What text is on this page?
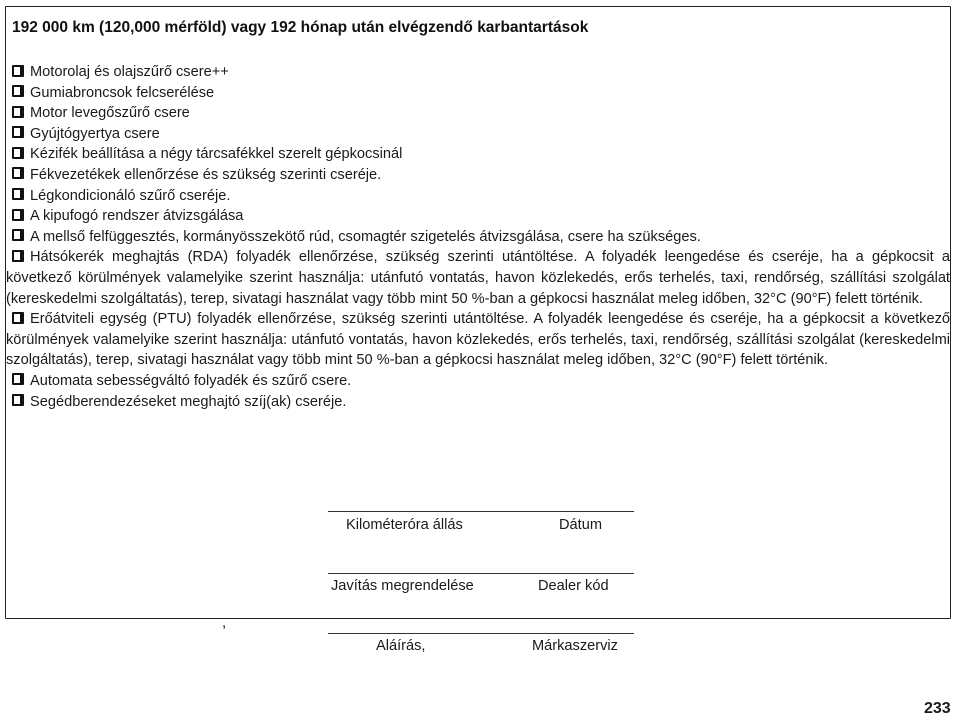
192 000 km (120,000 mérföld) vagy 192 hónap után elvégzendő karbantartások
Motorolaj és olajszűrő csere++
Gumiabroncsok felcserélése
Motor levegőszűrő csere
Gyújtógyertya csere
Kézifék beállítása a négy tárcsafékkel szerelt gépkocsinál
Fékvezetékek ellenőrzése és szükség szerinti cseréje.
Légkondicionáló szűrő cseréje.
A kipufogó rendszer átvizsgálása
A mellső felfüggesztés, kormányösszekötő rúd, csomagtér szigetelés átvizsgálása, csere ha szükséges.
Hátsókerék meghajtás (RDA) folyadék ellenőrzése, szükség szerinti utántöltése. A folyadék leengedése és cseréje, ha a gépkocsit a következő körülmények valamelyike szerint használja: utánfutó vontatás, havon közlekedés, erős terhelés, taxi, rendőrség, szállítási szolgálat (kereskedelmi szolgáltatás), terep, sivatagi használat vagy több mint 50 %-ban a gépkocsi használat meleg időben, 32°C (90°F) felett történik.
Erőátviteli egység (PTU) folyadék ellenőrzése, szükség szerinti utántöltése. A folyadék leengedése és cseréje, ha a gépkocsit a következő körülmények valamelyike szerint használja: utánfutó vontatás, havon közlekedés, erős terhelés, taxi, rendőrség, szállítási szolgálat (kereskedelmi szolgáltatás), terep, sivatagi használat vagy több mint 50 %-ban a gépkocsi használat meleg időben, 32°C (90°F) felett történik.
Automata sebességváltó folyadék és szűrő csere.
Segédberendezéseket meghajtó szíj(ak) cseréje.
Kilométeróra állás	Dátum
Javítás megrendelése	Dealer kód
,
Aláírás,	Márkaszerviz
233
